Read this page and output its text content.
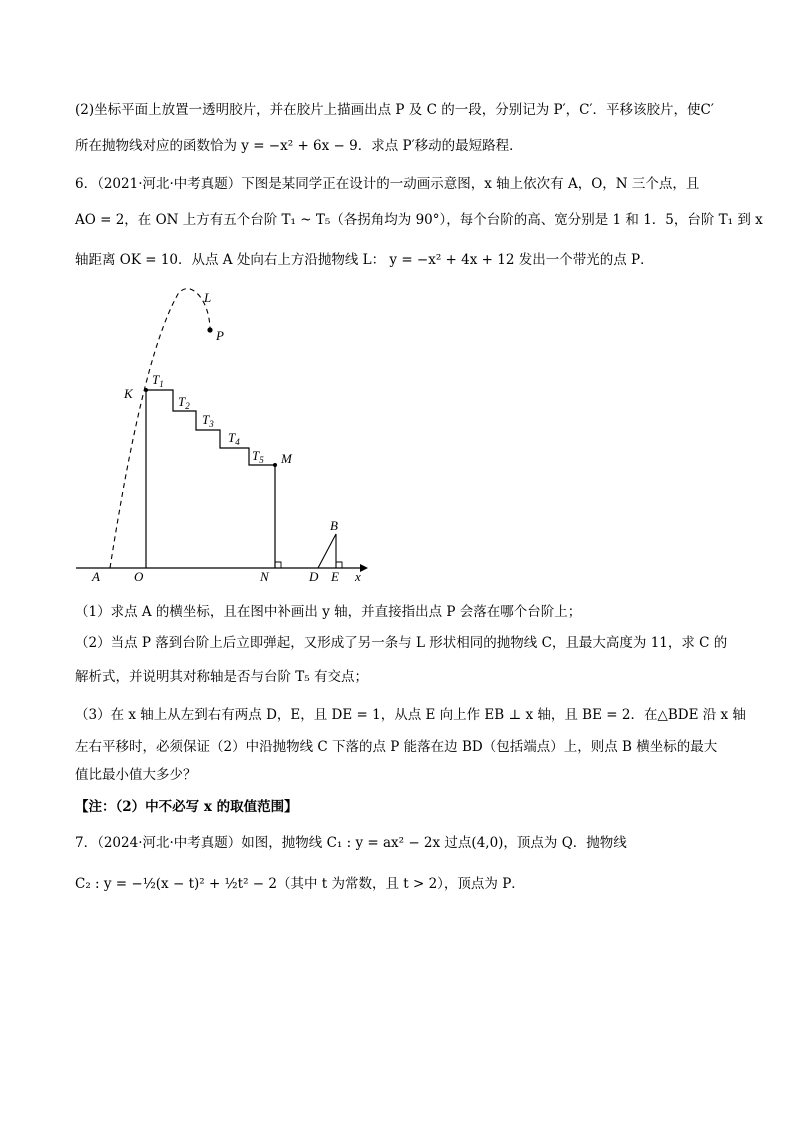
(2)坐标平面上放置一透明胶片，并在胶片上描画出点 P 及 C 的一段，分别记为 P′，C′．平移该胶片，使C′
所在抛物线对应的函数恰为 y = −x² + 6x − 9．求点 P′移动的最短路程．
6．（2021·河北·中考真题）下图是某同学正在设计的一动画示意图，x 轴上依次有 A，O，N 三个点，且
AO = 2，在 ON 上方有五个台阶 T₁ ~ T₅（各拐角均为 90°），每个台阶的高、宽分别是 1 和 1．5，台阶 T₁ 到 x
轴距离 OK = 10．从点 A 处向右上方沿抛物线 L： y = −x² + 4x + 12 发出一个带光的点 P．
L
P
K
M
A	O	N	D E
B
x
$T_1$
$T_2$
$T_3$
$T_4$
$T_5$
（1）求点 A 的横坐标，且在图中补画出 y 轴，并直接指出点 P 会落在哪个台阶上；
（2）当点 P 落到台阶上后立即弹起，又形成了另一条与 L 形状相同的抛物线 C，且最大高度为 11，求 C 的
解析式，并说明其对称轴是否与台阶 T₅ 有交点；
（3）在 x 轴上从左到右有两点 D，E，且 DE = 1，从点 E 向上作 EB ⊥ x 轴，且 BE = 2．在△BDE 沿 x 轴
左右平移时，必须保证（2）中沿抛物线 C 下落的点 P 能落在边 BD（包括端点）上，则点 B 横坐标的最大
值比最小值大多少？
【注：（2）中不必写 x 的取值范围】
7．（2024·河北·中考真题）如图，抛物线 C₁ : y = ax² − 2x 过点(4,0)，顶点为 Q．抛物线
C₂ : y = −½(x − t)² + ½t² − 2（其中 t 为常数，且 t > 2），顶点为 P．
